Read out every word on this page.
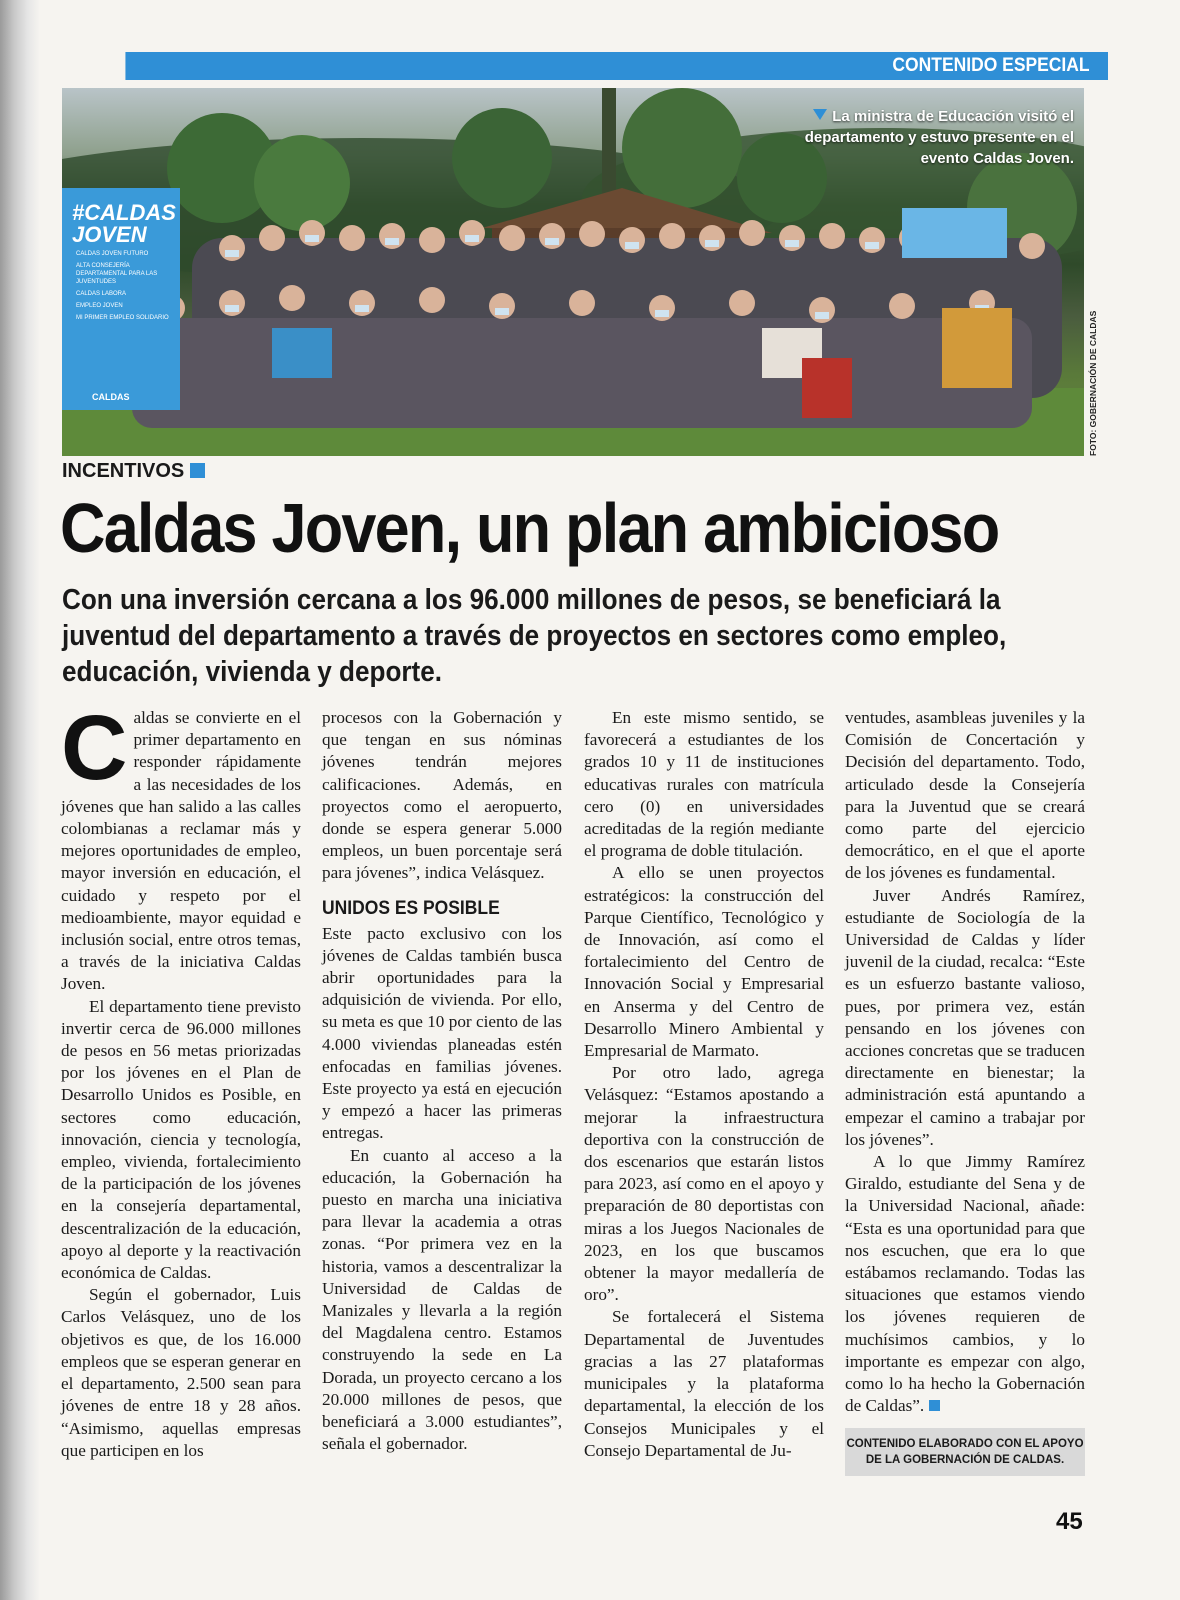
CONTENIDO ESPECIAL
#CALDAS JOVEN
CALDAS JOVEN FUTURO
ALTA CONSEJERÍA DEPARTAMENTAL PARA LAS JUVENTUDES
CALDAS LABORA
EMPLEO JOVEN
MI PRIMER EMPLEO SOLIDARIO
CALDAS
La ministra de Educación visitó el departamento y estuvo presente en el evento Caldas Joven.
FOTO: GOBERNACIÓN DE CALDAS
INCENTIVOS
Caldas Joven, un plan ambicioso
Con una inversión cercana a los 96.000 millones de pesos, se beneficiará la juventud del departamento a través de proyectos en sectores como empleo, educación, vivienda y deporte.

Caldas se convierte en el primer departamento en responder rápidamente a las necesidades de los jóvenes que han salido a las calles colombianas a reclamar más y mejores oportunidades de empleo, mayor inversión en educación, el cuidado y respeto por el medioambiente, mayor equidad e inclusión social, entre otros temas, a través de la iniciativa Caldas Joven.

El departamento tiene previsto invertir cerca de 96.000 millones de pesos en 56 metas priorizadas por los jóvenes en el Plan de Desarrollo Unidos es Posible, en sectores como educación, innovación, ciencia y tecnología, empleo, vivienda, fortalecimiento de la participación de los jóvenes en la consejería departamental, descentralización de la educación, apoyo al deporte y la reactivación económica de Caldas.

Según el gobernador, Luis Carlos Velásquez, uno de los objetivos es que, de los 16.000 empleos que se esperan generar en el departamento, 2.500 sean para jóvenes de entre 18 y 28 años. “Asimismo, aquellas empresas que participen en los

procesos con la Gobernación y que tengan en sus nóminas jóvenes tendrán mejores calificaciones. Además, en proyectos como el aeropuerto, donde se espera generar 5.000 empleos, un buen porcentaje será para jóvenes”, indica Velásquez.

UNIDOS ES POSIBLE

Este pacto exclusivo con los jóvenes de Caldas también busca abrir oportunidades para la adquisición de vivienda. Por ello, su meta es que 10 por ciento de las 4.000 viviendas planeadas estén enfocadas en familias jóvenes. Este proyecto ya está en ejecución y empezó a hacer las primeras entregas.

En cuanto al acceso a la educación, la Gobernación ha puesto en marcha una iniciativa para llevar la academia a otras zonas. “Por primera vez en la historia, vamos a descentralizar la Universidad de Caldas de Manizales y llevarla a la región del Magdalena centro. Estamos construyendo la sede en La Dorada, un proyecto cercano a los 20.000 millones de pesos, que beneficiará a 3.000 estudiantes”, señala el gobernador.

En este mismo sentido, se favorecerá a estudiantes de los grados 10 y 11 de instituciones educativas rurales con matrícula cero (0) en universidades acreditadas de la región mediante el programa de doble titulación.

A ello se unen proyectos estratégicos: la construcción del Parque Científico, Tecnológico y de Innovación, así como el fortalecimiento del Centro de Innovación Social y Empresarial en Anserma y del Centro de Desarrollo Minero Ambiental y Empresarial de Marmato.

Por otro lado, agrega Velásquez: “Estamos apostando a mejorar la infraestructura deportiva con la construcción de dos escenarios que estarán listos para 2023, así como en el apoyo y preparación de 80 deportistas con miras a los Juegos Nacionales de 2023, en los que buscamos obtener la mayor medallería de oro”.

Se fortalecerá el Sistema Departamental de Juventudes gracias a las 27 plataformas municipales y la plataforma departamental, la elección de los Consejos Municipales y el Consejo Departamental de Ju-

ventudes, asambleas juveniles y la Comisión de Concertación y Decisión del departamento. Todo, articulado desde la Consejería para la Juventud que se creará como parte del ejercicio democrático, en el que el aporte de los jóvenes es fundamental.

Juver Andrés Ramírez, estudiante de Sociología de la Universidad de Caldas y líder juvenil de la ciudad, recalca: “Este es un esfuerzo bastante valioso, pues, por primera vez, están pensando en los jóvenes con acciones concretas que se traducen directamente en bienestar; la administración está apuntando a empezar el camino a trabajar por los jóvenes”.

A lo que Jimmy Ramírez Giraldo, estudiante del Sena y de la Universidad Nacional, añade: “Esta es una oportunidad para que nos escuchen, que era lo que estábamos reclamando. Todas las situaciones que estamos viendo los jóvenes requieren de muchísimos cambios, y lo importante es empezar con algo, como lo ha hecho la Gobernación de Caldas”.

CONTENIDO ELABORADO CON EL APOYO DE LA GOBERNACIÓN DE CALDAS.
45
